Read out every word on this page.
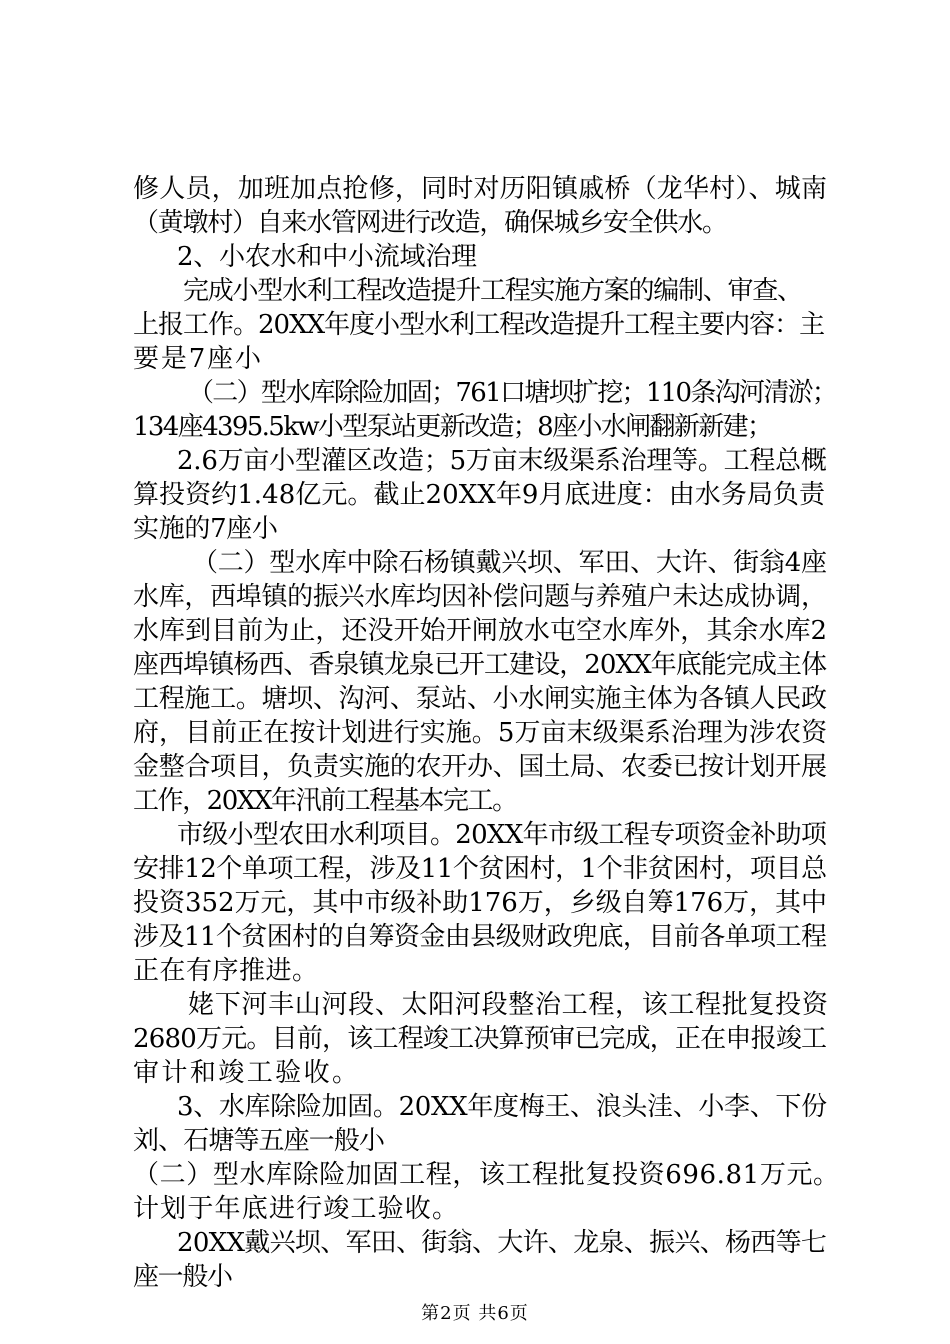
修人员，加班加点抢修，同时对历阳镇戚桥（龙华村）、城南
（黄墩村）自来水管网进行改造，确保城乡安全供水。
2、小农水和中小流域治理
完成小型水利工程改造提升工程实施方案的编制、审查、
上报工作。20XX年度小型水利工程改造提升工程主要内容：主
要是7座小
（二）型水库除险加固；761口塘坝扩挖；110条沟河清淤；
134座4395.5kw小型泵站更新改造；8座小水闸翻新新建；
2.6万亩小型灌区改造；5万亩末级渠系治理等。工程总概
算投资约1.48亿元。截止20XX年9月底进度：由水务局负责
实施的7座小
（二）型水库中除石杨镇戴兴坝、军田、大许、街翁4座
水库，西埠镇的振兴水库均因补偿问题与养殖户未达成协调，
水库到目前为止，还没开始开闸放水屯空水库外，其余水库2
座西埠镇杨西、香泉镇龙泉已开工建设，20XX年底能完成主体
工程施工。塘坝、沟河、泵站、小水闸实施主体为各镇人民政
府，目前正在按计划进行实施。5万亩末级渠系治理为涉农资
金整合项目，负责实施的农开办、国土局、农委已按计划开展
工作，20XX年汛前工程基本完工。
市级小型农田水利项目。20XX年市级工程专项资金补助项
安排12个单项工程，涉及11个贫困村，1个非贫困村，项目总
投资352万元，其中市级补助176万，乡级自筹176万，其中
涉及11个贫困村的自筹资金由县级财政兜底，目前各单项工程
正在有序推进。
姥下河丰山河段、太阳河段整治工程，该工程批复投资
2680万元。目前，该工程竣工决算预审已完成，正在申报竣工
审计和竣工验收。
3、水库除险加固。20XX年度梅王、浪头洼、小李、下份
刘、石塘等五座一般小
（二）型水库除险加固工程，该工程批复投资696.81万元。
计划于年底进行竣工验收。
20XX戴兴坝、军田、街翁、大许、龙泉、振兴、杨西等七
座一般小
第2页 共6页
